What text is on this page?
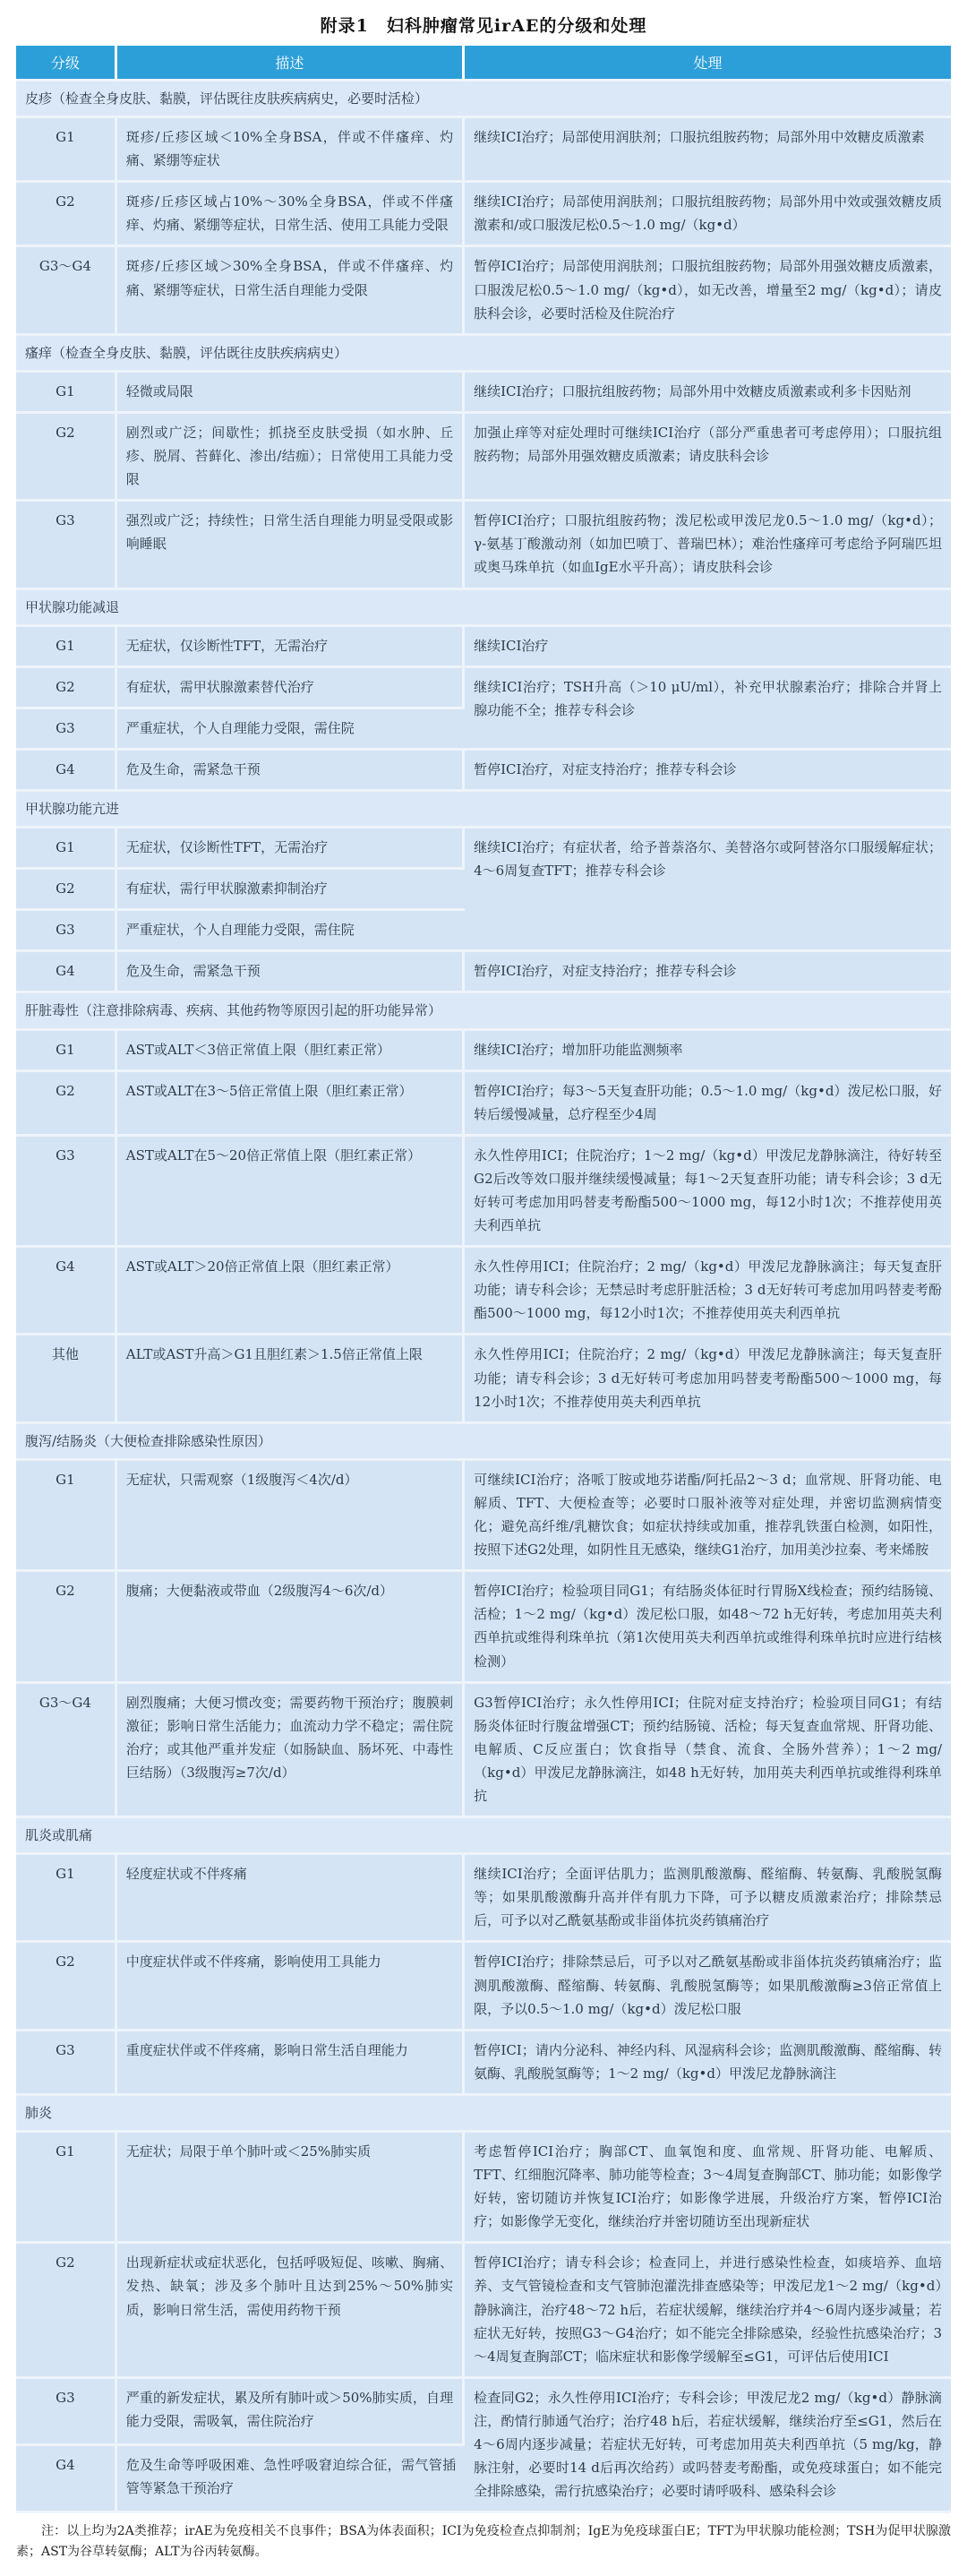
附录1　妇科肿瘤常见irAE的分级和处理
分级	描述	处理
皮疹（检查全身皮肤、黏膜，评估既往皮肤疾病病史，必要时活检）		
G1	斑疹/丘疹区域＜10%全身BSA，伴或不伴瘙痒、灼痛、紧绷等症状	继续ICI治疗；局部使用润肤剂；口服抗组胺药物；局部外用中效糖皮质激素
G2	斑疹/丘疹区域占10%～30%全身BSA，伴或不伴瘙痒、灼痛、紧绷等症状，日常生活、使用工具能力受限	继续ICI治疗；局部使用润肤剂；口服抗组胺药物；局部外用中效或强效糖皮质激素和/或口服泼尼松0.5～1.0 mg/（kg•d）
G3～G4	斑疹/丘疹区域＞30%全身BSA，伴或不伴瘙痒、灼痛、紧绷等症状，日常生活自理能力受限	暂停ICI治疗；局部使用润肤剂；口服抗组胺药物；局部外用强效糖皮质激素，口服泼尼松0.5～1.0 mg/（kg•d），如无改善，增量至2 mg/（kg•d）；请皮肤科会诊，必要时活检及住院治疗
瘙痒（检查全身皮肤、黏膜，评估既往皮肤疾病病史）		
G1	轻微或局限	继续ICI治疗；口服抗组胺药物；局部外用中效糖皮质激素或利多卡因贴剂
G2	剧烈或广泛；间歇性；抓挠至皮肤受损（如水肿、丘疹、脱屑、苔藓化、渗出/结痂）；日常使用工具能力受限	加强止痒等对症处理时可继续ICI治疗（部分严重患者可考虑停用）；口服抗组胺药物；局部外用强效糖皮质激素；请皮肤科会诊
G3	强烈或广泛；持续性；日常生活自理能力明显受限或影响睡眠	暂停ICI治疗；口服抗组胺药物；泼尼松或甲泼尼龙0.5～1.0 mg/（kg•d）；γ-氨基丁酸激动剂（如加巴喷丁、普瑞巴林）；难治性瘙痒可考虑给予阿瑞匹坦或奥马珠单抗（如血IgE水平升高）；请皮肤科会诊
甲状腺功能减退		
G1	无症状，仅诊断性TFT，无需治疗	继续ICI治疗
G2	有症状，需甲状腺激素替代治疗	继续ICI治疗；TSH升高（＞10 μU/ml），补充甲状腺素治疗；排除合并肾上腺功能不全；推荐专科会诊
G3	严重症状，个人自理能力受限，需住院	
G4	危及生命，需紧急干预	暂停ICI治疗，对症支持治疗；推荐专科会诊
甲状腺功能亢进		
G1	无症状，仅诊断性TFT，无需治疗	继续ICI治疗；有症状者，给予普萘洛尔、美替洛尔或阿替洛尔口服缓解症状；4～6周复查TFT；推荐专科会诊
G2	有症状，需行甲状腺激素抑制治疗	
G3	严重症状，个人自理能力受限，需住院	
G4	危及生命，需紧急干预	暂停ICI治疗，对症支持治疗；推荐专科会诊
肝脏毒性（注意排除病毒、疾病、其他药物等原因引起的肝功能异常）		
G1	AST或ALT＜3倍正常值上限（胆红素正常）	继续ICI治疗；增加肝功能监测频率
G2	AST或ALT在3～5倍正常值上限（胆红素正常）	暂停ICI治疗；每3～5天复查肝功能；0.5～1.0 mg/（kg•d）泼尼松口服，好转后缓慢减量，总疗程至少4周
G3	AST或ALT在5～20倍正常值上限（胆红素正常）	永久性停用ICI；住院治疗；1～2 mg/（kg•d）甲泼尼龙静脉滴注，待好转至G2后改等效口服并继续缓慢减量；每1～2天复查肝功能；请专科会诊；3 d无好转可考虑加用吗替麦考酚酯500～1000 mg，每12小时1次；不推荐使用英夫利西单抗
G4	AST或ALT＞20倍正常值上限（胆红素正常）	永久性停用ICI；住院治疗；2 mg/（kg•d）甲泼尼龙静脉滴注；每天复查肝功能；请专科会诊；无禁忌时考虑肝脏活检；3 d无好转可考虑加用吗替麦考酚酯500～1000 mg，每12小时1次；不推荐使用英夫利西单抗
其他	ALT或AST升高＞G1且胆红素＞1.5倍正常值上限	永久性停用ICI；住院治疗；2 mg/（kg•d）甲泼尼龙静脉滴注；每天复查肝功能；请专科会诊；3 d无好转可考虑加用吗替麦考酚酯500～1000 mg，每12小时1次；不推荐使用英夫利西单抗
腹泻/结肠炎（大便检查排除感染性原因）		
G1	无症状，只需观察（1级腹泻＜4次/d）	可继续ICI治疗；洛哌丁胺或地芬诺酯/阿托品2～3 d；血常规、肝肾功能、电解质、TFT、大便检查等；必要时口服补液等对症处理，并密切监测病情变化；避免高纤维/乳糖饮食；如症状持续或加重，推荐乳铁蛋白检测，如阳性，按照下述G2处理，如阴性且无感染，继续G1治疗，加用美沙拉秦、考来烯胺
G2	腹痛；大便黏液或带血（2级腹泻4～6次/d）	暂停ICI治疗；检验项目同G1；有结肠炎体征时行胃肠X线检查；预约结肠镜、活检；1～2 mg/（kg•d）泼尼松口服，如48～72 h无好转，考虑加用英夫利西单抗或维得利珠单抗（第1次使用英夫利西单抗或维得利珠单抗时应进行结核检测）
G3～G4	剧烈腹痛；大便习惯改变；需要药物干预治疗；腹膜刺激征；影响日常生活能力；血流动力学不稳定；需住院治疗；或其他严重并发症（如肠缺血、肠坏死、中毒性巨结肠）（3级腹泻≥7次/d）	G3暂停ICI治疗；永久性停用ICI；住院对症支持治疗；检验项目同G1；有结肠炎体征时行腹盆增强CT；预约结肠镜、活检；每天复查血常规、肝肾功能、电解质、C反应蛋白；饮食指导（禁食、流食、全肠外营养）；1～2 mg/（kg•d）甲泼尼龙静脉滴注，如48 h无好转，加用英夫利西单抗或维得利珠单抗
肌炎或肌痛		
G1	轻度症状或不伴疼痛	继续ICI治疗；全面评估肌力；监测肌酸激酶、醛缩酶、转氨酶、乳酸脱氢酶等；如果肌酸激酶升高并伴有肌力下降，可予以糖皮质激素治疗；排除禁忌后，可予以对乙酰氨基酚或非甾体抗炎药镇痛治疗
G2	中度症状伴或不伴疼痛，影响使用工具能力	暂停ICI治疗；排除禁忌后，可予以对乙酰氨基酚或非甾体抗炎药镇痛治疗；监测肌酸激酶、醛缩酶、转氨酶、乳酸脱氢酶等；如果肌酸激酶≥3倍正常值上限，予以0.5～1.0 mg/（kg•d）泼尼松口服
G3	重度症状伴或不伴疼痛，影响日常生活自理能力	暂停ICI；请内分泌科、神经内科、风湿病科会诊；监测肌酸激酶、醛缩酶、转氨酶、乳酸脱氢酶等；1～2 mg/（kg•d）甲泼尼龙静脉滴注
肺炎		
G1	无症状；局限于单个肺叶或＜25%肺实质	考虑暂停ICI治疗；胸部CT、血氧饱和度、血常规、肝肾功能、电解质、TFT、红细胞沉降率、肺功能等检查；3～4周复查胸部CT、肺功能；如影像学好转，密切随访并恢复ICI治疗；如影像学进展，升级治疗方案，暂停ICI治疗；如影像学无变化，继续治疗并密切随访至出现新症状
G2	出现新症状或症状恶化，包括呼吸短促、咳嗽、胸痛、发热、缺氧；涉及多个肺叶且达到25%～50%肺实质，影响日常生活，需使用药物干预	暂停ICI治疗；请专科会诊；检查同上，并进行感染性检查，如痰培养、血培养、支气管镜检查和支气管肺泡灌洗排查感染等；甲泼尼龙1～2 mg/（kg•d）静脉滴注，治疗48～72 h后，若症状缓解，继续治疗并4～6周内逐步减量；若症状无好转，按照G3～G4治疗；如不能完全排除感染，经验性抗感染治疗；3～4周复查胸部CT；临床症状和影像学缓解至≤G1，可评估后使用ICI
G3	严重的新发症状，累及所有肺叶或＞50%肺实质，自理能力受限，需吸氧，需住院治疗	检查同G2；永久性停用ICI治疗；专科会诊；甲泼尼龙2 mg/（kg•d）静脉滴注，酌情行肺通气治疗；治疗48 h后，若症状缓解，继续治疗至≤G1，然后在4～6周内逐步减量；若症状无好转，可考虑加用英夫利西单抗（5 mg/kg，静脉注射，必要时14 d后再次给药）或吗替麦考酚酯，或免疫球蛋白；如不能完全排除感染，需行抗感染治疗；必要时请呼吸科、感染科会诊
G4	危及生命等呼吸困难、急性呼吸窘迫综合征，需气管插管等紧急干预治疗	

注：以上均为2A类推荐；irAE为免疫相关不良事件；BSA为体表面积；ICI为免疫检查点抑制剂；IgE为免疫球蛋白E；TFT为甲状腺功能检测；TSH为促甲状腺激素；AST为谷草转氨酶；ALT为谷丙转氨酶。
